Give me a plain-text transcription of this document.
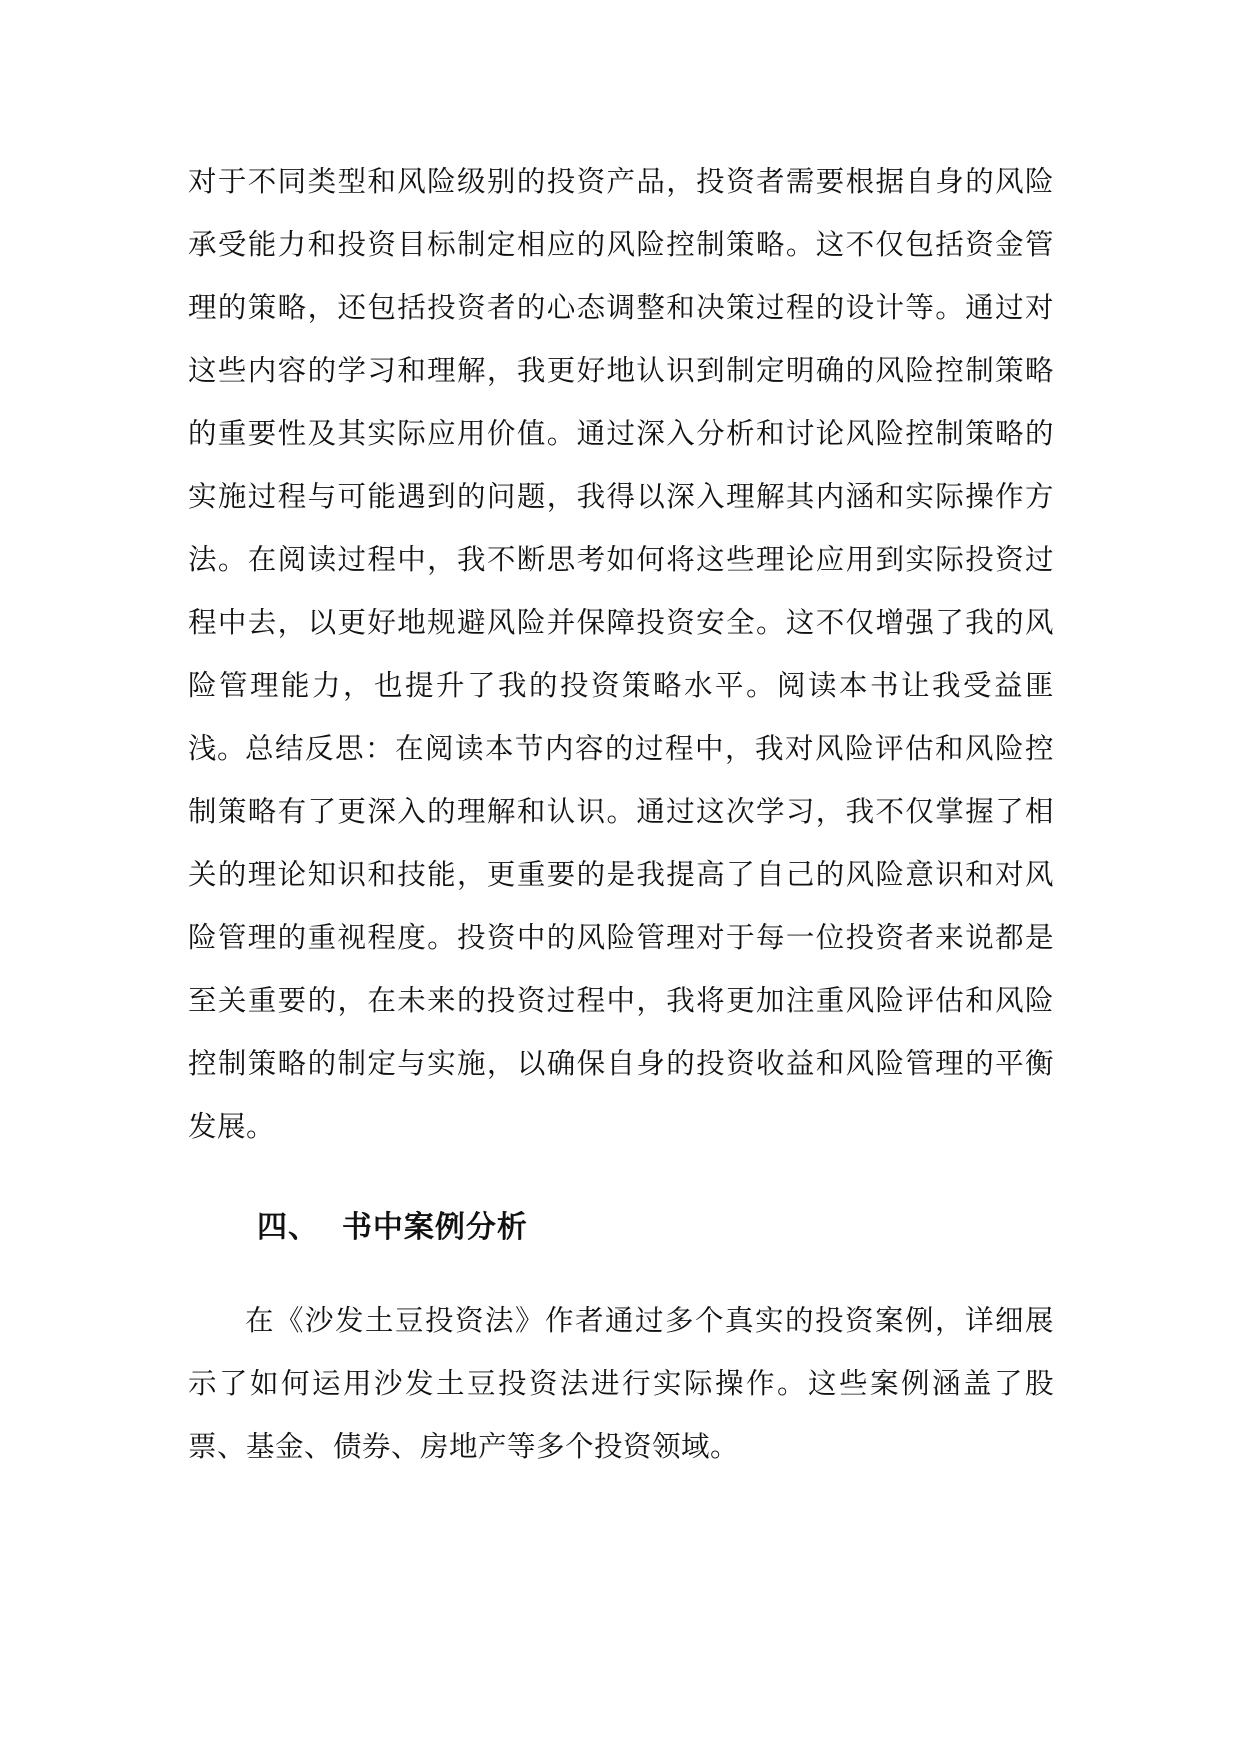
对于不同类型和风险级别的投资产品，投资者需要根据自身的风险承受能力和投资目标制定相应的风险控制策略。这不仅包括资金管理的策略，还包括投资者的心态调整和决策过程的设计等。通过对这些内容的学习和理解，我更好地认识到制定明确的风险控制策略的重要性及其实际应用价值。通过深入分析和讨论风险控制策略的实施过程与可能遇到的问题，我得以深入理解其内涵和实际操作方法。在阅读过程中，我不断思考如何将这些理论应用到实际投资过程中去，以更好地规避风险并保障投资安全。这不仅增强了我的风险管理能力，也提升了我的投资策略水平。阅读本书让我受益匪浅。

总结反思：在阅读本节内容的过程中，我对风险评估和风险控制策略有了更深入的理解和认识。通过这次学习，我不仅掌握了相关的理论知识和技能，更重要的是我提高了自己的风险意识和对风险管理的重视程度。投资中的风险管理对于每一位投资者来说都是至关重要的，在未来的投资过程中，我将更加注重风险评估和风险控制策略的制定与实施，以确保自身的投资收益和风险管理的平衡发展。

四、  书中案例分析

在《沙发土豆投资法》作者通过多个真实的投资案例，详细展示了如何运用沙发土豆投资法进行实际操作。这些案例涵盖了股票、基金、债券、房地产等多个投资领域。
